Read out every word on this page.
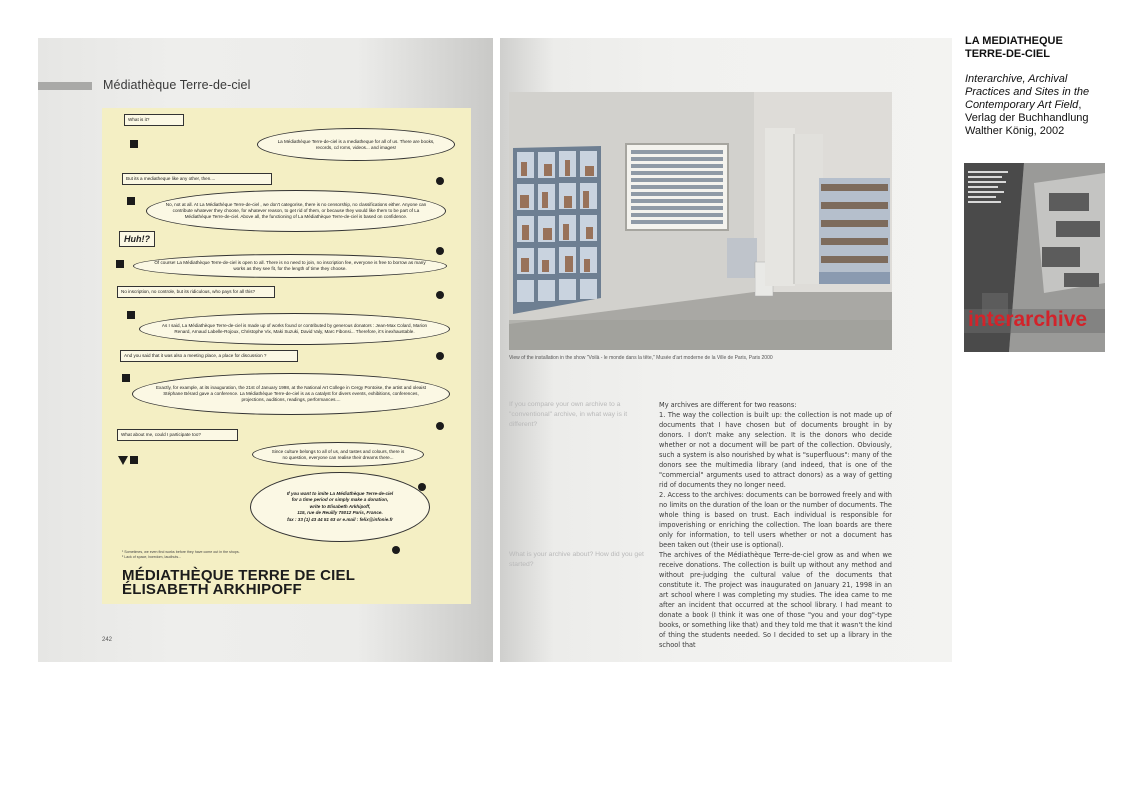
Médiathèque Terre-de-ciel
What is it?
La Médiathèque Terre-de-ciel is a mediatheque for all of us. There are books, records, cd roms, videos... and images!
But its a mediatheque like any other, then....
No, not at all. At La Médiathèque Terre-de-ciel , we don't categorise, there is no censorship, no classifications either. Anyone can contribute whatever they choose, for whatever reason, to get rid of them, or because they would like them to be part of La Médiathèque Terre-de-ciel. Above all, the functioning of La Médiathèque Terre-de-ciel is based on confidence.
Huh!?
Of course! La Médiathèque Terre-de-ciel is open to all. There is no need to join, no inscription fee, everyone is free to borrow as many works as they see fit, for the length of time they choose.
No inscription, no controle, but its ridiculous, who pays for all this?
As I said, La Médiathèque Terre-de-ciel is made up of works found or contributed by generous donators : Jean-Max Colard, Marion Renard, Arnaud Labelle-Rojoux, Christophe Vix, Maki Suzuki, David Valy, Marc Fibonsi... Therefore, it's inexhaustable.
And you said that it was also a meeting place, a place for discussion ?
Exactly, for example, at its inauguration, the 21st of January 1998, at the National Art College in Cergy Pontoise, the artist and oleaist Stéphane Bérard gave a conference. La Médiathèque Terre-de-ciel is as a catalyst for divers events, exhibitions, conferences, projections, auditions, readings, performances....
What about me, could I participate too?
Since culture belongs to all of us, and tastes and colours, there is no question, everyone can realise their dreams there...
If you want to imite La Médiathèque Terre-de-ciel
for a time period or simply make a donation,
write to Elisabeth Arkhipoff,
115, rue de Reuilly 75012 Paris, France.
fax : 33 (1) 43 44 51 63 or e.mail : felix@infonie.fr
¹ Sometimes, we even find works before they have come out in the shops.
² Lack of space, boredom, laudhuts...
MÉDIATHÈQUE TERRE DE CIEL
ÉLISABETH ARKHIPOFF
242
View of the installation in the show "Voilà - le monde dans la tête," Musée d'art moderne de la Ville de Paris, Paris 2000
If you compare your own archive to a "conventional" archive, in what way is it different?
What is your archive about? How did you get started?

My archives are different for two reasons:

1. The way the collection is built up: the collection is not made up of documents that I have chosen but of documents brought in by donors. I don't make any selection. It is the donors who decide whether or not a document will be part of the collection. Obviously, such a system is also nourished by what is "superfluous": many of the donors see the multimedia library (and indeed, that is one of the "commercial" arguments used to attract donors) as a way of getting rid of documents they no longer need.

2. Access to the archives: documents can be borrowed freely and with no limits on the duration of the loan or the number of documents. The whole thing is based on trust. Each individual is responsible for impoverishing or enriching the collection. The loan boards are there only for information, to tell users whether or not a document has been taken out (their use is optional).

The archives of the Médiathèque Terre-de-ciel grow as and when we receive donations. The collection is built up without any method and without pre-judging the cultural value of the documents that constitute it. The project was inaugurated on January 21, 1998 in an art school where I was completing my studies. The idea came to me after an incident that occurred at the school library. I had meant to donate a book (I think it was one of those "you and your dog"-type books, or something like that) and they told me that it wasn't the kind of thing the students needed. So I decided to set up a library in the school that

LA MEDIATHEQUE
TERRE-DE-CIEL
Interarchive, Archival
Practices and Sites in the
Contemporary Art Field,
Verlag der Buchhandlung
Walther König, 2002
interarchive
